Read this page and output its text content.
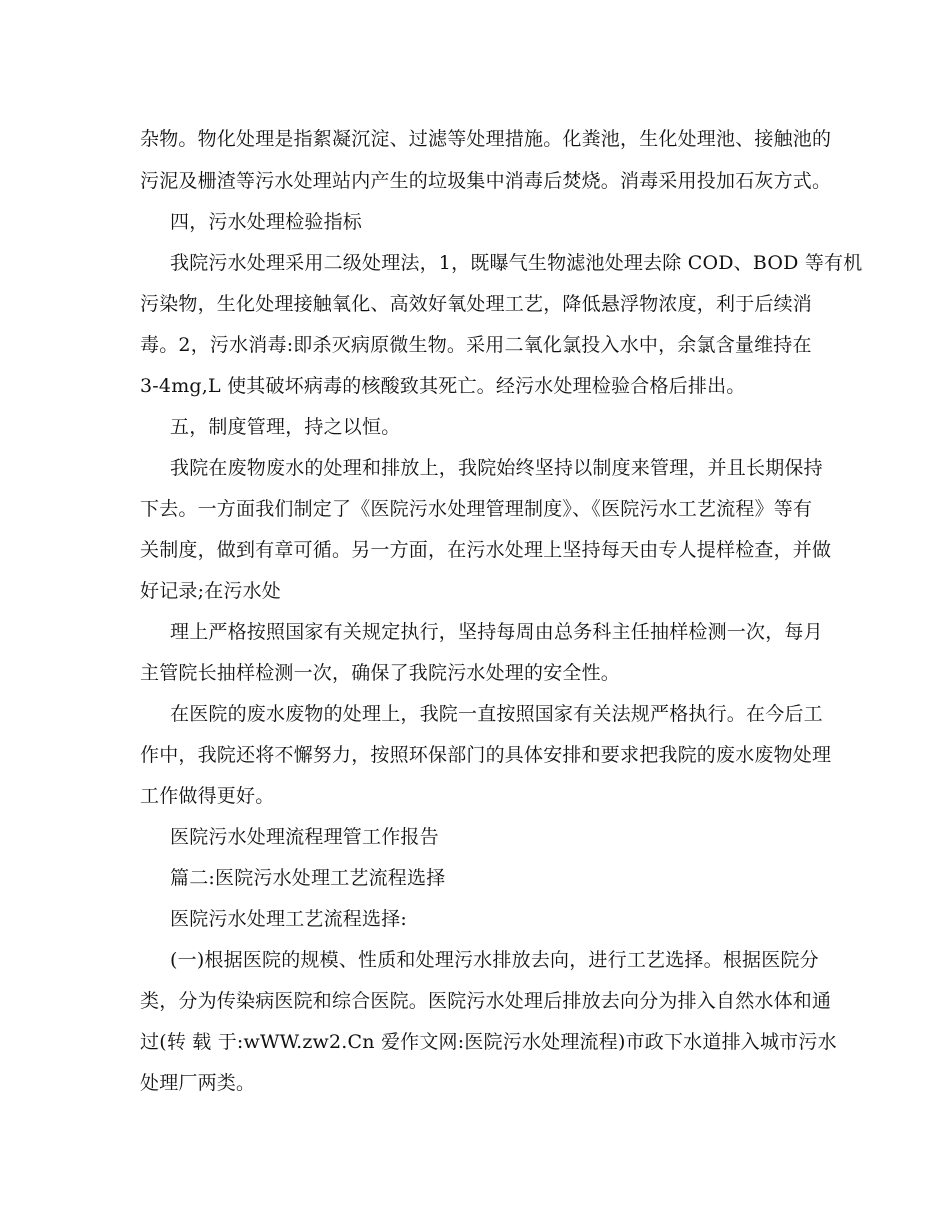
杂物。物化处理是指絮凝沉淀、过滤等处理措施。化粪池，生化处理池、接触池的
污泥及栅渣等污水处理站内产生的垃圾集中消毒后焚烧。消毒采用投加石灰方式。
四，污水处理检验指标
我院污水处理采用二级处理法，1，既曝气生物滤池处理去除 COD、BOD 等有机
污染物，生化处理接触氧化、高效好氧处理工艺，降低悬浮物浓度，利于后续消
毒。2，污水消毒:即杀灭病原微生物。采用二氧化氯投入水中，余氯含量维持在
3-4mg,L 使其破坏病毒的核酸致其死亡。经污水处理检验合格后排出。
五，制度管理，持之以恒。
我院在废物废水的处理和排放上，我院始终坚持以制度来管理，并且长期保持
下去。一方面我们制定了《医院污水处理管理制度》、《医院污水工艺流程》等有
关制度，做到有章可循。另一方面，在污水处理上坚持每天由专人提样检查，并做
好记录;在污水处
理上严格按照国家有关规定执行，坚持每周由总务科主任抽样检测一次，每月
主管院长抽样检测一次，确保了我院污水处理的安全性。
在医院的废水废物的处理上，我院一直按照国家有关法规严格执行。在今后工
作中，我院还将不懈努力，按照环保部门的具体安排和要求把我院的废水废物处理
工作做得更好。
医院污水处理流程理管工作报告
篇二:医院污水处理工艺流程选择
医院污水处理工艺流程选择:
(一)根据医院的规模、性质和处理污水排放去向，进行工艺选择。根据医院分
类，分为传染病医院和综合医院。医院污水处理后排放去向分为排入自然水体和通
过(转 载 于:wWW.zw2.Cn 爱作文网:医院污水处理流程)市政下水道排入城市污水
处理厂两类。
